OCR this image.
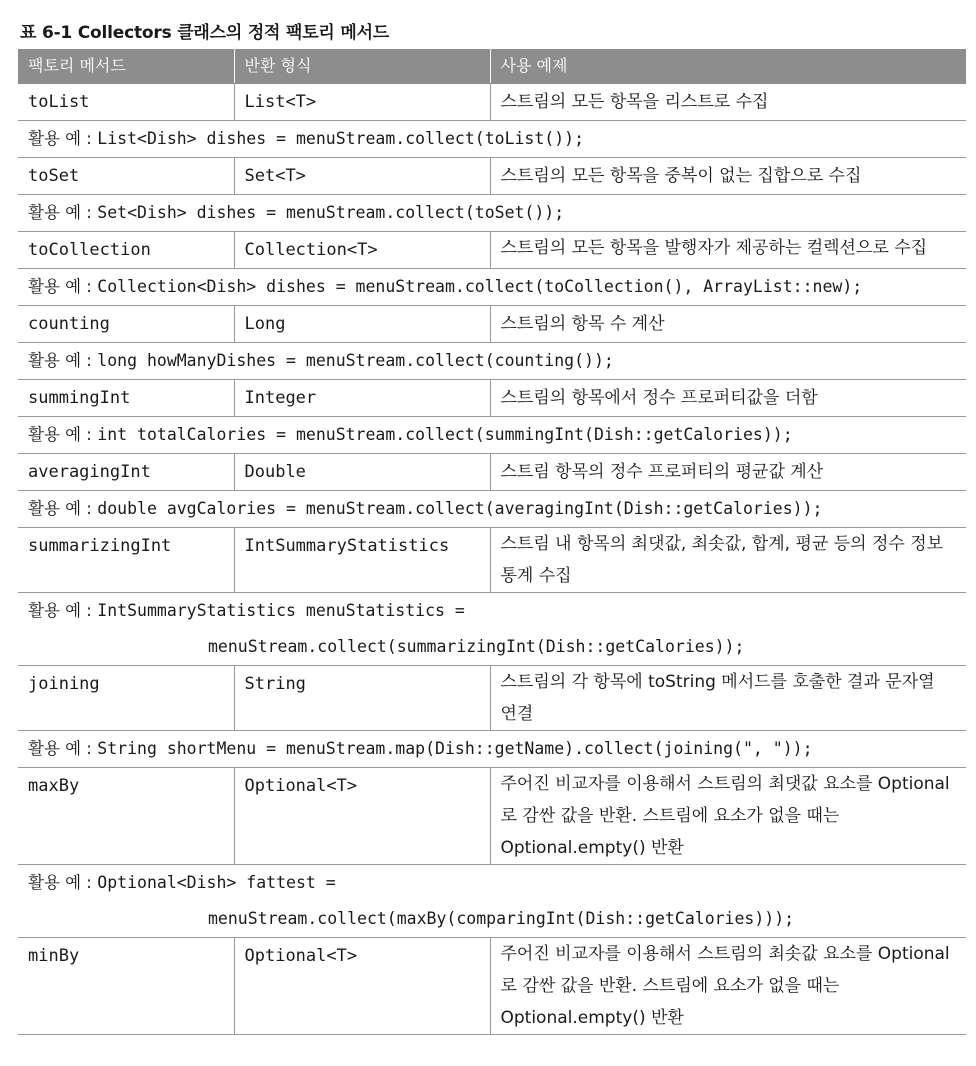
표 6-1 Collectors 클래스의 정적 팩토리 메서드
팩토리 메서드	반환 형식	사용 예제
toList	List<T>	스트림의 모든 항목을 리스트로 수집
활용 예 : List<Dish> dishes = menuStream.collect(toList());		
toSet	Set<T>	스트림의 모든 항목을 중복이 없는 집합으로 수집
활용 예 : Set<Dish> dishes = menuStream.collect(toSet());		
toCollection	Collection<T>	스트림의 모든 항목을 발행자가 제공하는 컬렉션으로 수집
활용 예 : Collection<Dish> dishes = menuStream.collect(toCollection(), ArrayList::new);		
counting	Long	스트림의 항목 수 계산
활용 예 : long howManyDishes = menuStream.collect(counting());		
summingInt	Integer	스트림의 항목에서 정수 프로퍼티값을 더함
활용 예 : int totalCalories = menuStream.collect(summingInt(Dish::getCalories));		
averagingInt	Double	스트림 항목의 정수 프로퍼티의 평균값 계산
활용 예 : double avgCalories = menuStream.collect(averagingInt(Dish::getCalories));		
summarizingInt	IntSummaryStatistics	스트림 내 항목의 최댓값, 최솟값, 합계, 평균 등의 정수 정보 통계 수집
활용 예 : IntSummaryStatistics menuStatistics =
menuStream.collect(summarizingInt(Dish::getCalories));		

joining	String	스트림의 각 항목에 toString 메서드를 호출한 결과 문자열 연결
활용 예 : String shortMenu = menuStream.map(Dish::getName).collect(joining(", "));		
maxBy	Optional<T>	주어진 비교자를 이용해서 스트림의 최댓값 요소를 Optional로 감싼 값을 반환. 스트림에 요소가 없을 때는 Optional.empty() 반환
활용 예 : Optional<Dish> fattest =
menuStream.collect(maxBy(comparingInt(Dish::getCalories)));		

minBy	Optional<T>	주어진 비교자를 이용해서 스트림의 최솟값 요소를 Optional로 감싼 값을 반환. 스트림에 요소가 없을 때는 Optional.empty() 반환
